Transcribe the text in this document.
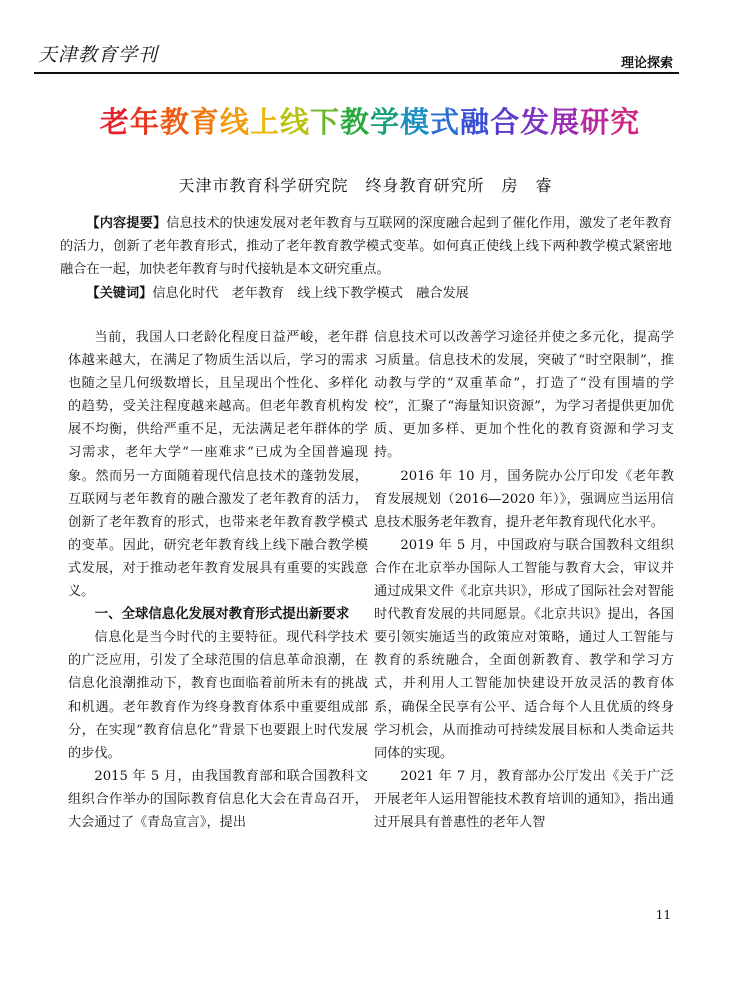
天津教育学刊	理论探索
老年教育线上线下教学模式融合发展研究
天津市教育科学研究院　终身教育研究所　房　睿
【内容提要】信息技术的快速发展对老年教育与互联网的深度融合起到了催化作用，激发了老年教育的活力，创新了老年教育形式，推动了老年教育教学模式变革。如何真正使线上线下两种教学模式紧密地融合在一起，加快老年教育与时代接轨是本文研究重点。
【关键词】信息化时代　老年教育　线上线下教学模式　融合发展

当前，我国人口老龄化程度日益严峻，老年群体越来越大，在满足了物质生活以后，学习的需求也随之呈几何级数增长，且呈现出个性化、多样化的趋势，受关注程度越来越高。但老年教育机构发展不均衡，供给严重不足，无法满足老年群体的学习需求，老年大学“一座难求”已成为全国普遍现象。然而另一方面随着现代信息技术的蓬勃发展，互联网与老年教育的融合激发了老年教育的活力，创新了老年教育的形式，也带来老年教育教学模式的变革。因此，研究老年教育线上线下融合教学模式发展，对于推动老年教育发展具有重要的实践意义。

一、全球信息化发展对教育形式提出新要求

信息化是当今时代的主要特征。现代科学技术的广泛应用，引发了全球范围的信息革命浪潮，在信息化浪潮推动下，教育也面临着前所未有的挑战和机遇。老年教育作为终身教育体系中重要组成部分，在实现“教育信息化”背景下也要跟上时代发展的步伐。

2015 年 5 月，由我国教育部和联合国教科文组织合作举办的国际教育信息化大会在青岛召开，大会通过了《青岛宣言》，提出

信息技术可以改善学习途径并使之多元化，提高学习质量。信息技术的发展，突破了“时空限制”，推动教与学的“双重革命”，打造了“没有围墙的学校”，汇聚了“海量知识资源”，为学习者提供更加优质、更加多样、更加个性化的教育资源和学习支持。

2016 年 10 月，国务院办公厅印发《老年教育发展规划（2016—2020 年）》，强调应当运用信息技术服务老年教育，提升老年教育现代化水平。

2019 年 5 月，中国政府与联合国教科文组织合作在北京举办国际人工智能与教育大会，审议并通过成果文件《北京共识》，形成了国际社会对智能时代教育发展的共同愿景。《北京共识》提出，各国要引领实施适当的政策应对策略，通过人工智能与教育的系统融合，全面创新教育、教学和学习方式，并利用人工智能加快建设开放灵活的教育体系，确保全民享有公平、适合每个人且优质的终身学习机会，从而推动可持续发展目标和人类命运共同体的实现。

2021 年 7 月，教育部办公厅发出《关于广泛开展老年人运用智能技术教育培训的通知》，指出通过开展具有普惠性的老年人智

11
